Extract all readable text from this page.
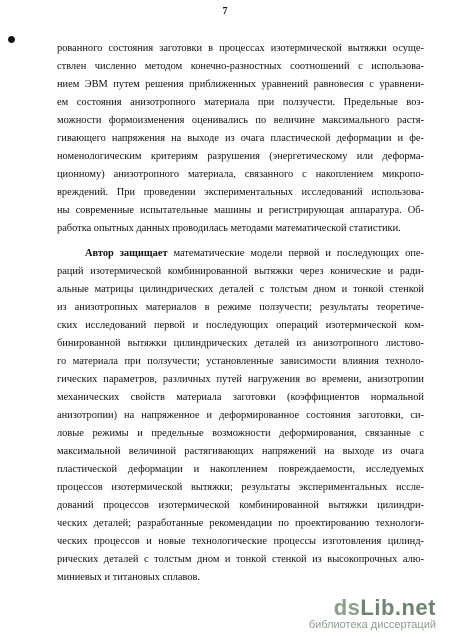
7
рованного состояния заготовки в процессах изотермической вытяжки осуще-
ствлен численно методом конечно-разностных соотношений с использова-
нием ЭВМ путем решения приближенных уравнений равновесия с уравнени-
ем состояния анизотропного материала при ползучести. Предельные воз-
можности формоизменения оценивались по величине максимального растя-
гивающего напряжения на выходе из очага пластической деформации и фе-
номенологическим критериям разрушения (энергетическому или деформа-
ционному) анизотропного материала, связанного с накоплением микропо-
вреждений. При проведении экспериментальных исследований использова-
ны современные испытательные машины и регистрирующая аппаратура. Об-
работка опытных данных проводилась методами математической статистики.
Автор защищает математические модели первой и последующих опе-
раций изотермической комбинированной вытяжки через конические и ради-
альные матрицы цилиндрических деталей с толстым дном и тонкой стенкой
из анизотропных материалов в режиме ползучести; результаты теоретиче-
ских исследований первой и последующих операций изотермической ком-
бинированной вытяжки цилиндрических деталей из анизотропного листово-
го материала при ползучести; установленные зависимости влияния техноло-
гических параметров, различных путей нагружения во времени, анизотропии
механических свойств материала заготовки (коэффициентов нормальной
анизотропии) на напряженное и деформированное состояния заготовки, си-
ловые режимы и предельные возможности деформирования, связанные с
максимальной величиной растягивающих напряжений на выходе из очага
пластической деформации и накоплением повреждаемости, исследуемых
процессов изотермической вытяжки; результаты экспериментальных иссле-
дований процессов изотермической комбинированной вытяжки цилиндри-
ческих деталей; разработанные рекомендации по проектированию технологи-
ческих процессов и новые технологические процессы изготовления цилинд-
рических деталей с толстым дном и тонкой стенкой из высокопрочных алю-
миниевых и титановых сплавов.
dsLib.net
библиотека диссертаций
